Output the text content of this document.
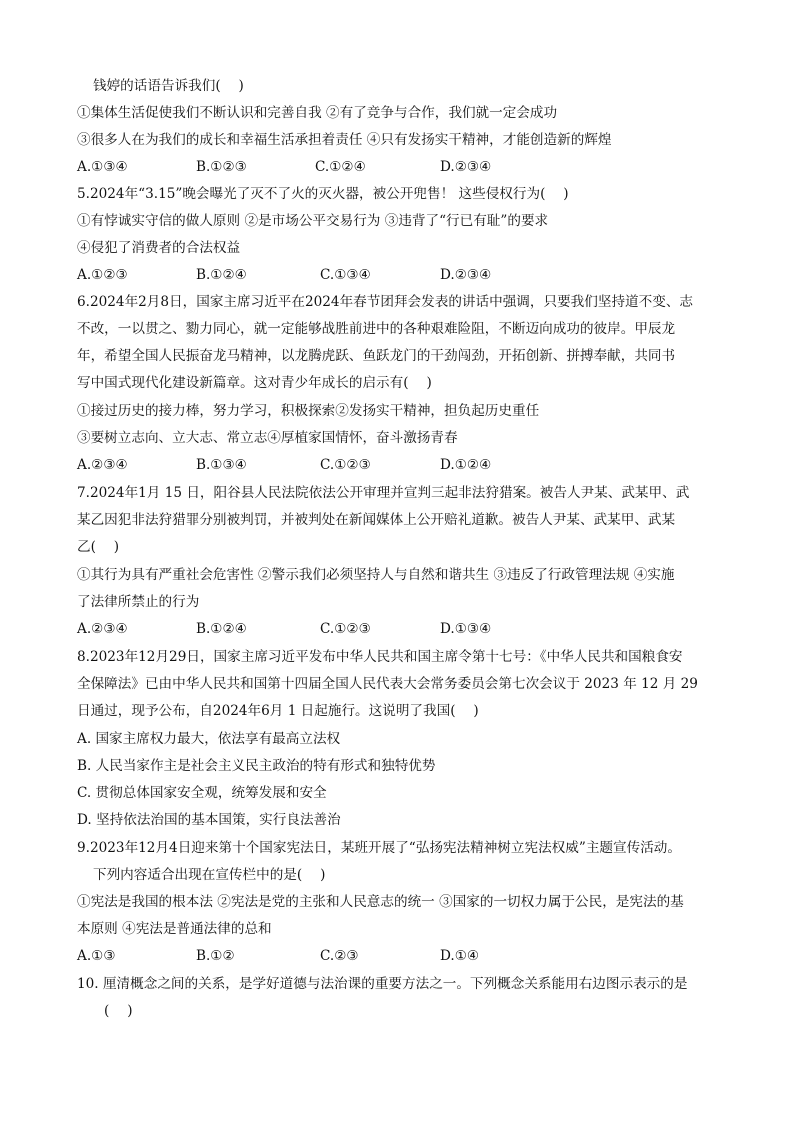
钱婷的话语告诉我们(　 )
①集体生活促使我们不断认识和完善自我 ②有了竞争与合作，我们就一定会成功
③很多人在为我们的成长和幸福生活承担着责任 ④只有发扬实干精神，才能创造新的辉煌
A.①③④	B.①②③	C.①②④	D.②③④
5.2024年“3.15”晚会曝光了灭不了火的灭火器，被公开兜售！ 这些侵权行为(　 )
①有悖诚实守信的做人原则 ②是市场公平交易行为 ③违背了“行已有耻”的要求
④侵犯了消费者的合法权益
A.①②③	B.①②④	C.①③④	D.②③④
6.2024年2月8日，国家主席习近平在2024年春节团拜会发表的讲话中强调，只要我们坚持道不变、志
不改，一以贯之、勠力同心，就一定能够战胜前进中的各种艰难险阻，不断迈向成功的彼岸。甲辰龙
年，希望全国人民振奋龙马精神，以龙腾虎跃、鱼跃龙门的干劲闯劲，开拓创新、拼搏奉献，共同书
写中国式现代化建设新篇章。这对青少年成长的启示有(　 )
①接过历史的接力棒，努力学习，积极探索②发扬实干精神，担负起历史重任
③要树立志向、立大志、常立志④厚植家国情怀，奋斗激扬青春
A.②③④	B.①③④	C.①②③	D.①②④
7.2024年1月 15 日，阳谷县人民法院依法公开审理并宣判三起非法狩猎案。被告人尹某、武某甲、武
某乙因犯非法狩猎罪分别被判罚，并被判处在新闻媒体上公开赔礼道歉。被告人尹某、武某甲、武某
乙(　 )
①其行为具有严重社会危害性 ②警示我们必须坚持人与自然和谐共生 ③违反了行政管理法规 ④实施
了法律所禁止的行为
A.②③④	B.①②④	C.①②③	D.①③④
8.2023年12月29日，国家主席习近平发布中华人民共和国主席令第十七号：《中华人民共和国粮食安
全保障法》已由中华人民共和国第十四届全国人民代表大会常务委员会第七次会议于 2023 年 12 月 29
日通过，现予公布，自2024年6月 1 日起施行。这说明了我国(　 )
A. 国家主席权力最大，依法享有最高立法权
B. 人民当家作主是社会主义民主政治的特有形式和独特优势
C. 贯彻总体国家安全观，统筹发展和安全
D. 坚持依法治国的基本国策，实行良法善治
9.2023年12月4日迎来第十个国家宪法日，某班开展了“弘扬宪法精神树立宪法权威”主题宣传活动。
下列内容适合出现在宣传栏中的是(　 )
①宪法是我国的根本法 ②宪法是党的主张和人民意志的统一 ③国家的一切权力属于公民，是宪法的基
本原则 ④宪法是普通法律的总和
A.①③	B.①②	C.②③	D.①④
10. 厘清概念之间的关系，是学好道德与法治课的重要方法之一。下列概念关系能用右边图示表示的是
(　 )
